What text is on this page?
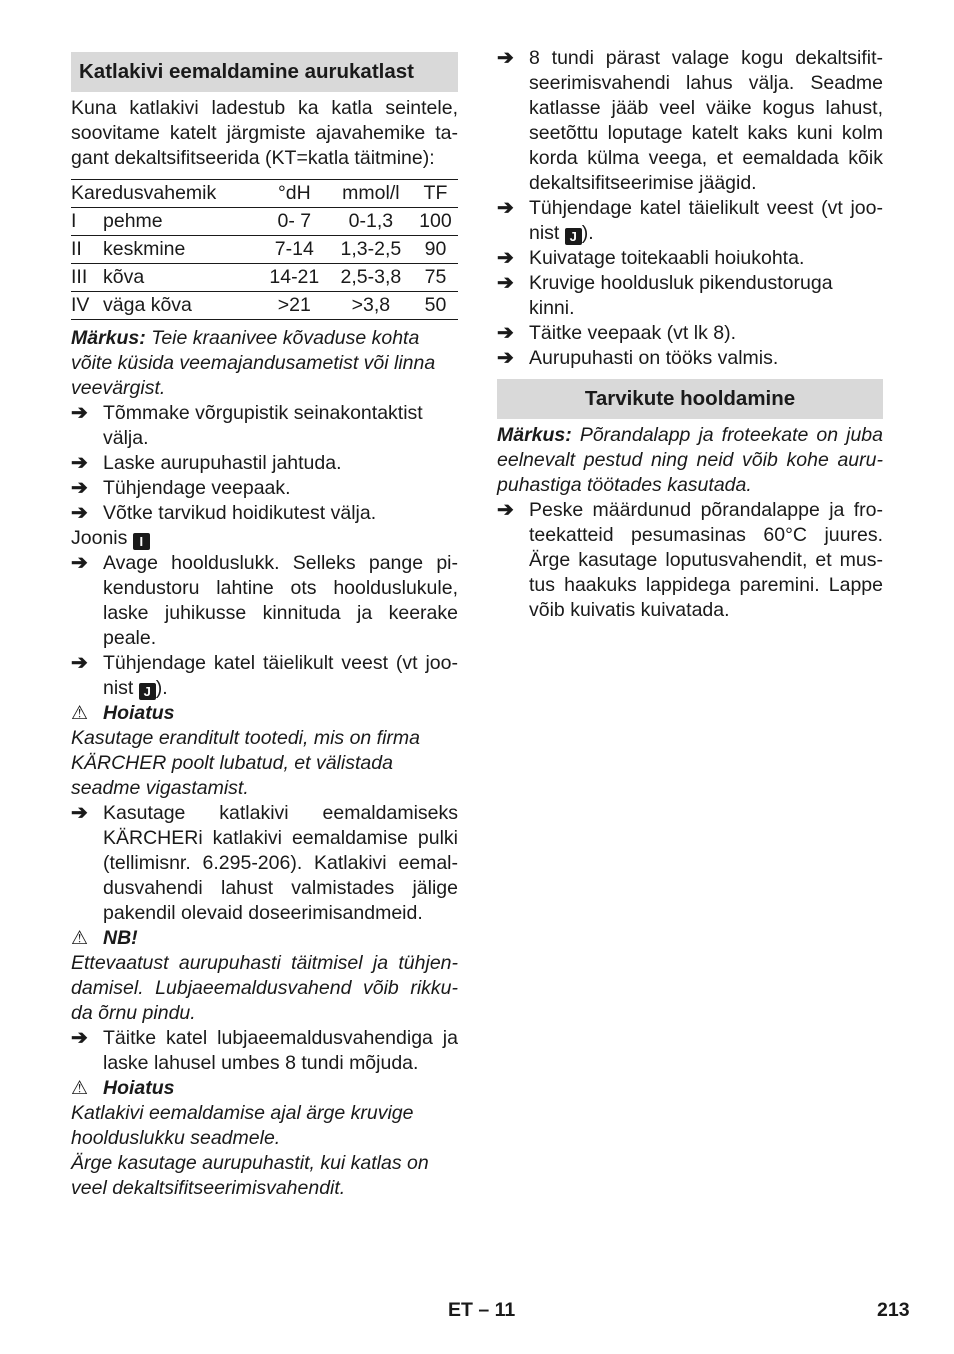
Katlakivi eemaldamine aurukatlast

Kuna katlakivi ladestub ka katla seintele, soovitame katelt järgmiste ajavahemike ta-gant dekaltsifitseerida (KT=katla täitmine):

Karedusvahemik		°dH	mmol/l	TF
I	pehme	0- 7	0-1,3	100
II	keskmine	7-14	1,3-2,5	90
III	kõva	14-21	2,5-3,8	75
IV	väga kõva	>21	>3,8	50

Märkus: Teie kraanivee kõvaduse kohta võite küsida veemajandusametist või linna veevärgist.

➔ Tõmmake võrgupistik seinakontaktist välja.
➔ Laske aurupuhastil jahtuda.
➔ Tühjendage veepaak.
➔ Võtke tarvikud hoidikutest välja.

Joonis I

➔ Avage hoolduslukk. Selleks pange pi-kendustoru lahtine ots hoolduslukule, laske juhikusse kinnituda ja keerake peale.
➔ Tühjendage katel täielikult veest (vt joo-nist J ).
⚠ Hoiatus

Kasutage eranditult tootedi, mis on firma KÄRCHER poolt lubatud, et välistada seadme vigastamist.

➔ Kasutage katlakivi eemaldamiseks KÄRCHERi katlakivi eemaldamise pulki (tellimisnr. 6.295-206). Katlakivi eemal-dusvahendi lahust valmistades jälige pakendil olevaid doseerimisandmeid.
⚠ NB!

Ettevaatust aurupuhasti täitmisel ja tühjen-damisel. Lubjaeemaldusvahend võib rikku-da õrnu pindu.

➔ Täitke katel lubjaeemaldusvahendiga ja laske lahusel umbes 8 tundi mõjuda.
⚠ Hoiatus

Katlakivi eemaldamise ajal ärge kruvige hoolduslukku seadmele.

Ärge kasutage aurupuhastit, kui katlas on veel dekaltsifitseerimisvahendit.

➔ 8 tundi pärast valage kogu dekaltsifit-seerimisvahendi lahus välja. Seadme katlasse jääb veel väike kogus lahust, seetõttu loputage katelt kaks kuni kolm korda külma veega, et eemaldada kõik dekaltsifitseerimise jäägid.
➔ Tühjendage katel täielikult veest (vt joo-nist J ).
➔ Kuivatage toitekaabli hoiukohta.
➔ Kruvige hooldusluk pikendustoruga kinni.
➔ Täitke veepaak (vt lk 8).
➔ Aurupuhasti on tööks valmis.
Tarvikute hooldamine

Märkus: Põrandalapp ja froteekate on juba eelnevalt pestud ning neid võib kohe auru-puhastiga töötades kasutada.

➔ Peske määrdunud põrandalappe ja fro-teekatteid pesumasinas 60°C juures. Ärge kasutage loputusvahendit, et mus-tus haakuks lappidega paremini. Lappe võib kuivatis kuivatada.
ET – 11	213
